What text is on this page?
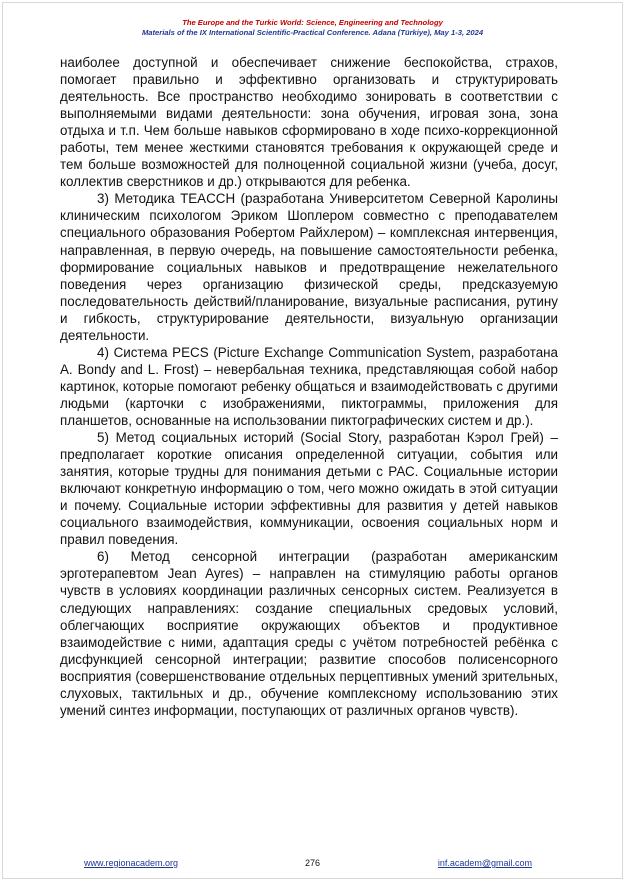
The Europe and the Turkic World: Science, Engineering and Technology
Materials of the IX International Scientific-Practical Conference. Adana (Türkiye), May 1-3, 2024

наиболее доступной и обеспечивает снижение беспокойства, страхов, помогает правильно и эффективно организовать и структурировать деятельность. Все пространство необходимо зонировать в соответствии с выполняемыми видами деятельности: зона обучения, игровая зона, зона отдыха и т.п. Чем больше навыков сформировано в ходе психо-коррекционной работы, тем менее жесткими становятся требования к окружающей среде и тем больше возможностей для полноценной социальной жизни (учеба, досуг, коллектив сверстников и др.) открываются для ребенка.

3) Методика TEACCH (разработана Университетом Северной Каролины клиническим психологом Эриком Шоплером совместно с преподавателем специального образования Робертом Райхлером) – комплексная интервенция, направленная, в первую очередь, на повышение самостоятельности ребенка, формирование социальных навыков и предотвращение нежелательного поведения через организацию физической среды, предсказуемую последовательность действий/планирование, визуальные расписания, рутину и гибкость, структурирование деятельности, визуальную организации деятельности.

4) Система PECS (Picture Exchange Communication System, разработана A. Bondy and L. Frost) – невербальная техника, представляющая собой набор картинок, которые помогают ребенку общаться и взаимодействовать с другими людьми (карточки с изображениями, пиктограммы, приложения для планшетов, основанные на использовании пиктографических систем и др.).

5) Метод социальных историй (Social Story, разработан Кэрол Грей) – предполагает короткие описания определенной ситуации, события или занятия, которые трудны для понимания детьми с РАС. Социальные истории включают конкретную информацию о том, чего можно ожидать в этой ситуации и почему. Социальные истории эффективны для развития у детей навыков социального взаимодействия, коммуникации, освоения социальных норм и правил поведения.

6) Метод сенсорной интеграции (разработан американским эрготерапевтом Jean Ayres) – направлен на стимуляцию работы органов чувств в условиях координации различных сенсорных систем. Реализуется в следующих направлениях: создание специальных средовых условий, облегчающих восприятие окружающих объектов и продуктивное взаимодействие с ними, адаптация среды с учётом потребностей ребёнка с дисфункцией сенсорной интеграции; развитие способов полисенсорного восприятия (совершенствование отдельных перцептивных умений зрительных, слуховых, тактильных и др., обучение комплексному использованию этих умений синтез информации, поступающих от различных органов чувств).

www.regionacadem.org	276	inf.academ@gmail.com
